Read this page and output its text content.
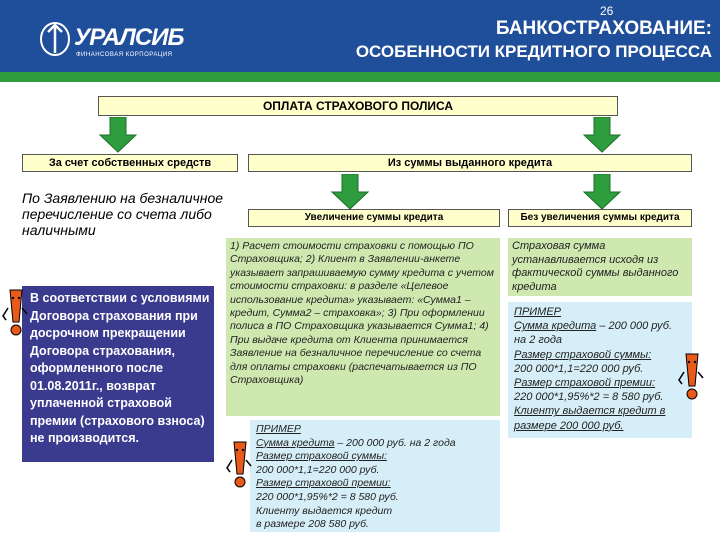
УРАЛСИБ
ФИНАНСОВАЯ КОРПОРАЦИЯ
26
БАНКОСТРАХОВАНИЕ:
ОСОБЕННОСТИ КРЕДИТНОГО ПРОЦЕССА
ОПЛАТА СТРАХОВОГО ПОЛИСА
За счет собственных средств	Из суммы выданного кредита
По Заявлению на безналичное перечисление со счета либо наличными
Увеличение суммы кредита	Без увеличения суммы кредита
1) Расчет стоимости страховки с помощью ПО Страховщика; 2) Клиент в Заявлении-анкете указывает запрашиваемую сумму кредита с учетом стоимости страховки: в разделе «Целевое использование кредита» указывает: «Сумма1 – кредит, Сумма2 – страховка»; 3) При оформлении полиса в ПО Страховщика указывается Сумма1; 4) При выдаче кредита от Клиента принимается Заявление на безналичное перечисление со счета для оплаты страховки (распечатывается из ПО Страховщика)
Страховая сумма устанавливается исходя из фактической суммы выданного кредита
В соответствии с условиями Договора страхования при досрочном прекращении Договора страхования, оформленного после 01.08.2011г., возврат уплаченной страховой премии (страхового взноса) не производится.
ПРИМЕР
Сумма кредита – 200 000 руб. на 2 года
Размер страховой суммы:
200 000*1,1=220 000 руб.
Размер страховой премии:
220 000*1,95%*2 = 8 580 руб.
Клиенту выдается кредит
в размере 208 580 руб.
ПРИМЕР
Сумма кредита – 200 000 руб.
на 2 года
Размер страховой суммы:
200 000*1,1=220 000 руб.
Размер страховой премии:
220 000*1,95%*2 = 8 580 руб.
Клиенту выдается кредит в
размере 200 000 руб.
